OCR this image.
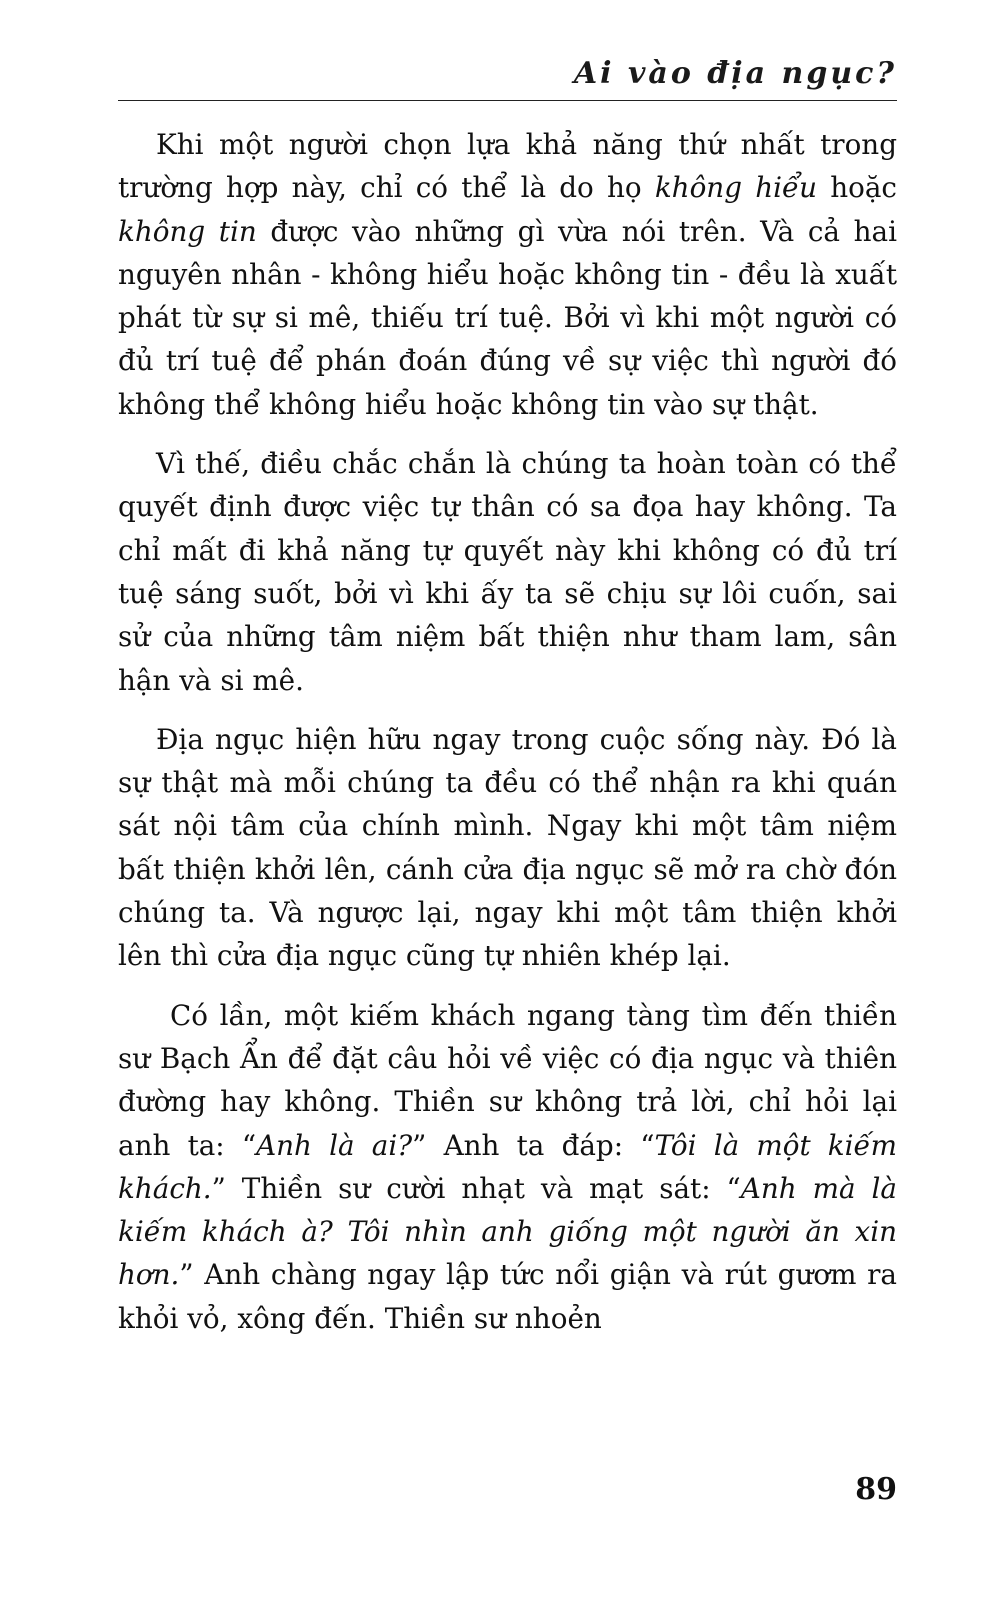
Ai vào địa ngục?

Khi một người chọn lựa khả năng thứ nhất trong trường hợp này, chỉ có thể là do họ không hiểu hoặc không tin được vào những gì vừa nói trên. Và cả hai nguyên nhân - không hiểu hoặc không tin - đều là xuất phát từ sự si mê, thiếu trí tuệ. Bởi vì khi một người có đủ trí tuệ để phán đoán đúng về sự việc thì người đó không thể không hiểu hoặc không tin vào sự thật.

Vì thế, điều chắc chắn là chúng ta hoàn toàn có thể quyết định được việc tự thân có sa đọa hay không. Ta chỉ mất đi khả năng tự quyết này khi không có đủ trí tuệ sáng suốt, bởi vì khi ấy ta sẽ chịu sự lôi cuốn, sai sử của những tâm niệm bất thiện như tham lam, sân hận và si mê.

Địa ngục hiện hữu ngay trong cuộc sống này. Đó là sự thật mà mỗi chúng ta đều có thể nhận ra khi quán sát nội tâm của chính mình. Ngay khi một tâm niệm bất thiện khởi lên, cánh cửa địa ngục sẽ mở ra chờ đón chúng ta. Và ngược lại, ngay khi một tâm thiện khởi lên thì cửa địa ngục cũng tự nhiên khép lại.

Có lần, một kiếm khách ngang tàng tìm đến thiền sư Bạch Ẩn để đặt câu hỏi về việc có địa ngục và thiên đường hay không. Thiền sư không trả lời, chỉ hỏi lại anh ta: “Anh là ai?” Anh ta đáp: “Tôi là một kiếm khách.” Thiền sư cười nhạt và mạt sát: “Anh mà là kiếm khách à? Tôi nhìn anh giống một người ăn xin hơn.” Anh chàng ngay lập tức nổi giận và rút gươm ra khỏi vỏ, xông đến. Thiền sư nhoẻn

89
